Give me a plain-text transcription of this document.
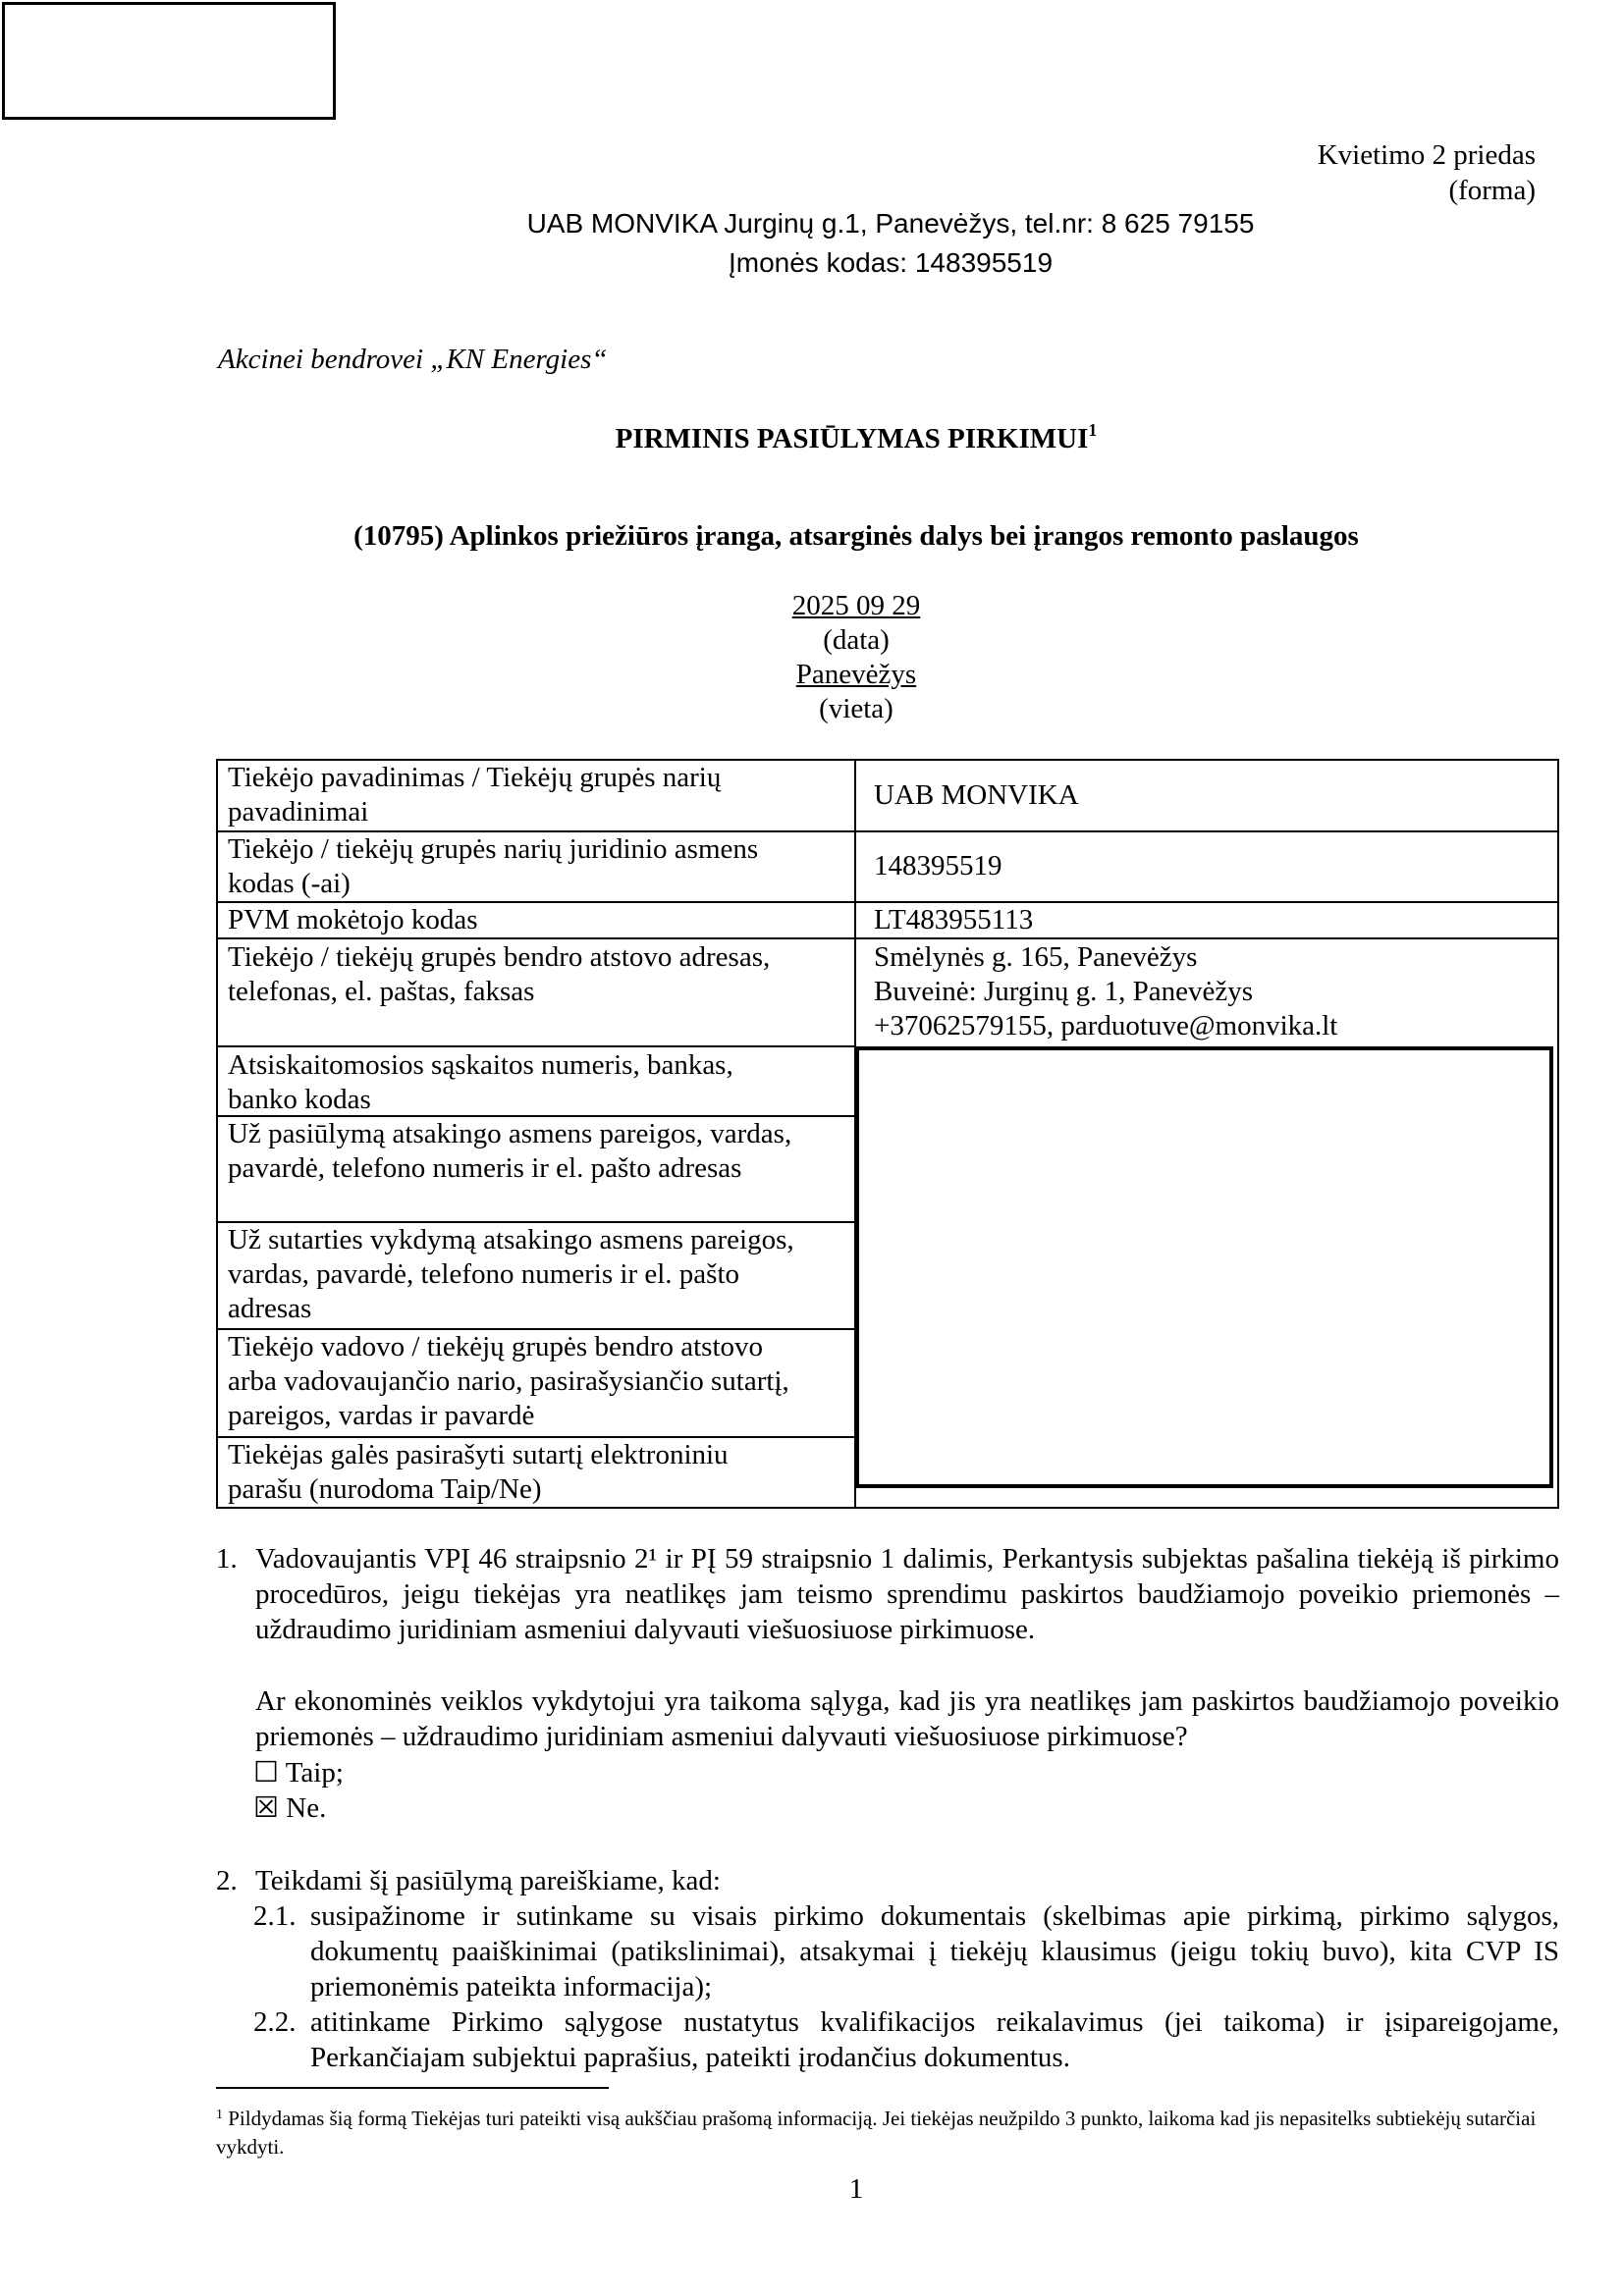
Kvietimo 2 priedas
(forma)
UAB MONVIKA Jurginų g.1, Panevėžys, tel.nr: 8 625 79155
Įmonės kodas: 148395519
Akcinei bendrovei „KN Energies“
PIRMINIS PASIŪLYMAS PIRKIMUI$^1$
(10795) Aplinkos priežiūros įranga, atsarginės dalys bei įrangos remonto paslaugos
2025 09 29
(data)
Panevėžys
(vieta)
Tiekėjo pavadinimas / Tiekėjų grupės narių
pavadinimai
UAB MONVIKA
Tiekėjo / tiekėjų grupės narių juridinio asmens
kodas (-ai)
148395519
PVM mokėtojo kodas	LT483955113
Tiekėjo / tiekėjų grupės bendro atstovo adresas,
telefonas, el. paštas, faksas
Smėlynės g. 165, Panevėžys
Buveinė: Jurginų g. 1, Panevėžys
+37062579155, parduotuve@monvika.lt
Atsiskaitomosios sąskaitos numeris, bankas,
banko kodas
Už pasiūlymą atsakingo asmens pareigos, vardas,
pavardė, telefono numeris ir el. pašto adresas
Už sutarties vykdymą atsakingo asmens pareigos,
vardas, pavardė, telefono numeris ir el. pašto
adresas
Tiekėjo vadovo / tiekėjų grupės bendro atstovo
arba vadovaujančio nario, pasirašysiančio sutartį,
pareigos, vardas ir pavardė
Tiekėjas galės pasirašyti sutartį elektroniniu
parašu (nurodoma Taip/Ne)
1. Vadovaujantis VPĮ 46 straipsnio 2¹ ir PĮ 59 straipsnio 1 dalimis, Perkantysis subjektas pašalina tiekėją iš pirkimo procedūros, jeigu tiekėjas yra neatlikęs jam teismo sprendimu paskirtos baudžiamojo poveikio priemonės – uždraudimo juridiniam asmeniui dalyvauti viešuosiuose pirkimuose.
Ar ekonominės veiklos vykdytojui yra taikoma sąlyga, kad jis yra neatlikęs jam paskirtos baudžiamojo poveikio priemonės – uždraudimo juridiniam asmeniui dalyvauti viešuosiuose pirkimuose?
☐ Taip;
☒ Ne.
2. Teikdami šį pasiūlymą pareiškiame, kad:
2.1. susipažinome ir sutinkame su visais pirkimo dokumentais (skelbimas apie pirkimą, pirkimo sąlygos, dokumentų paaiškinimai (patikslinimai), atsakymai į tiekėjų klausimus (jeigu tokių buvo), kita CVP IS priemonėmis pateikta informacija);
2.2. atitinkame Pirkimo sąlygose nustatytus kvalifikacijos reikalavimus (jei taikoma) ir įsipareigojame, Perkančiajam subjektui paprašius, pateikti įrodančius dokumentus.
$^1$ Pildydamas šią formą Tiekėjas turi pateikti visą aukščiau prašomą informaciją. Jei tiekėjas neužpildo 3 punkto, laikoma kad jis nepasitelks subtiekėjų sutarčiai vykdyti.
1
